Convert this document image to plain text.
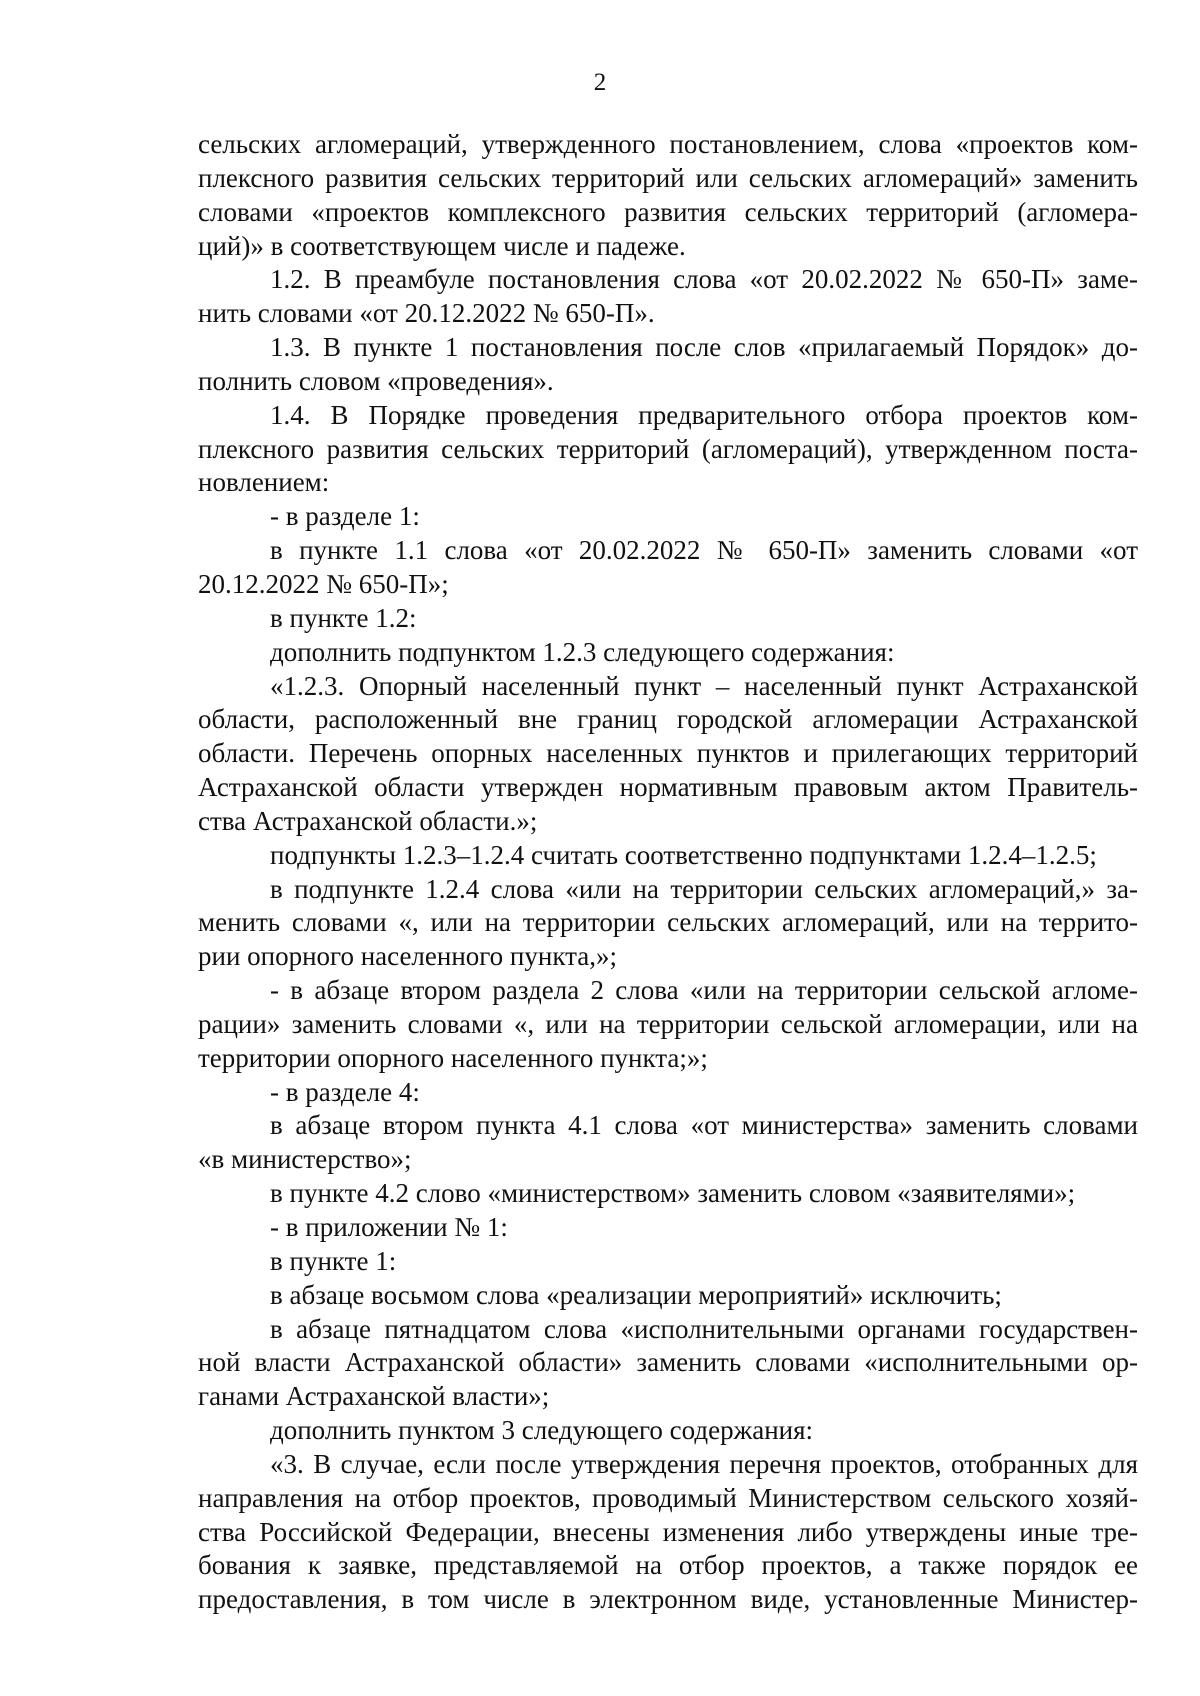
2
сельских агломераций, утвержденного постановлением, слова «проектов ком-
плексного развития сельских территорий или сельских агломераций» заменить
словами «проектов комплексного развития сельских территорий (агломера-
ций)» в соответствующем числе и падеже.
1.2. В преамбуле постановления слова «от 20.02.2022 № 650-П» заме-
нить словами «от 20.12.2022 № 650-П».
1.3. В пункте 1 постановления после слов «прилагаемый Порядок» до-
полнить словом «проведения».
1.4. В Порядке проведения предварительного отбора проектов ком-
плексного развития сельских территорий (агломераций), утвержденном поста-
новлением:
- в разделе 1:
в пункте 1.1 слова «от 20.02.2022 № 650-П» заменить словами «от
20.12.2022 № 650-П»;
в пункте 1.2:
дополнить подпунктом 1.2.3 следующего содержания:
«1.2.3. Опорный населенный пункт – населенный пункт Астраханской
области, расположенный вне границ городской агломерации Астраханской
области. Перечень опорных населенных пунктов и прилегающих территорий
Астраханской области утвержден нормативным правовым актом Правитель-
ства Астраханской области.»;
подпункты 1.2.3–1.2.4 считать соответственно подпунктами 1.2.4–1.2.5;
в подпункте 1.2.4 слова «или на территории сельских агломераций,» за-
менить словами «, или на территории сельских агломераций, или на террито-
рии опорного населенного пункта,»;
- в абзаце втором раздела 2 слова «или на территории сельской агломе-
рации» заменить словами «, или на территории сельской агломерации, или на
территории опорного населенного пункта;»;
- в разделе 4:
в абзаце втором пункта 4.1 слова «от министерства» заменить словами
«в министерство»;
в пункте 4.2 слово «министерством» заменить словом «заявителями»;
- в приложении № 1:
в пункте 1:
в абзаце восьмом слова «реализации мероприятий» исключить;
в абзаце пятнадцатом слова «исполнительными органами государствен-
ной власти Астраханской области» заменить словами «исполнительными ор-
ганами Астраханской власти»;
дополнить пунктом 3 следующего содержания:
«3. В случае, если после утверждения перечня проектов, отобранных для
направления на отбор проектов, проводимый Министерством сельского хозяй-
ства Российской Федерации, внесены изменения либо утверждены иные тре-
бования к заявке, представляемой на отбор проектов, а также порядок ее
предоставления, в том числе в электронном виде, установленные Министер-
